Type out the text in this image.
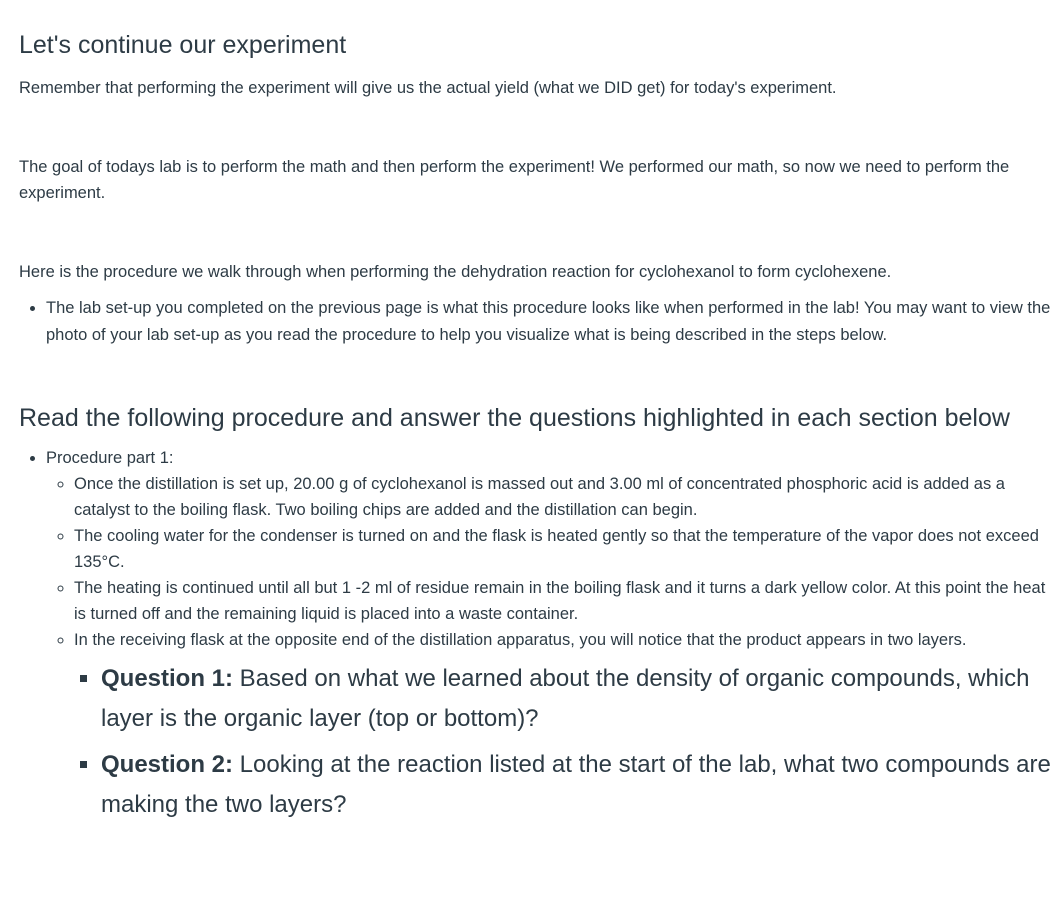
Let's continue our experiment

Remember that performing the experiment will give us the actual yield (what we DID get) for today's experiment.

The goal of todays lab is to perform the math and then perform the experiment! We performed our math, so now we need to perform the experiment.

Here is the procedure we walk through when performing the dehydration reaction for cyclohexanol to form cyclohexene.

• The lab set-up you completed on the previous page is what this procedure looks like when performed in the lab! You may want to view the photo of your lab set-up as you read the procedure to help you visualize what is being described in the steps below.
Read the following procedure and answer the questions highlighted in each section below
• Procedure part 1:
◦ Once the distillation is set up, 20.00 g of cyclohexanol is massed out and 3.00 ml of concentrated phosphoric acid is added as a catalyst to the boiling flask. Two boiling chips are added and the distillation can begin.
◦ The cooling water for the condenser is turned on and the flask is heated gently so that the temperature of the vapor does not exceed 135°C.
◦ The heating is continued until all but 1 -2 ml of residue remain in the boiling flask and it turns a dark yellow color. At this point the heat is turned off and the remaining liquid is placed into a waste container.
◦ In the receiving flask at the opposite end of the distillation apparatus, you will notice that the product appears in two layers.
▪ Question 1: Based on what we learned about the density of organic compounds, which layer is the organic layer (top or bottom)?
▪ Question 2: Looking at the reaction listed at the start of the lab, what two compounds are making the two layers?
